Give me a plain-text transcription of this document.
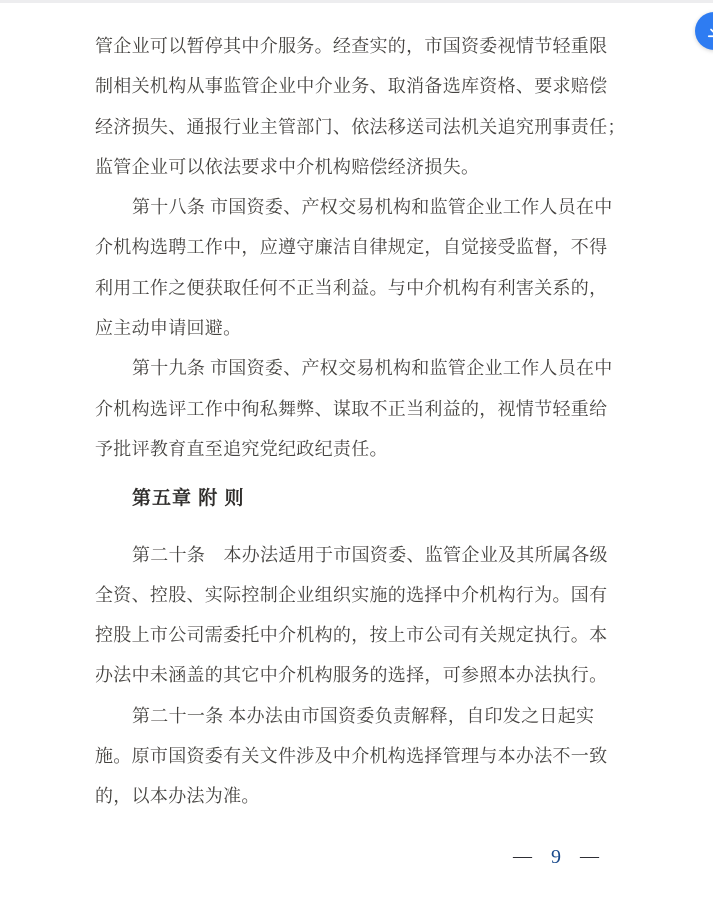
管企业可以暂停其中介服务。经查实的，市国资委视情节轻重限
制相关机构从事监管企业中介业务、取消备选库资格、要求赔偿
经济损失、通报行业主管部门、依法移送司法机关追究刑事责任；
监管企业可以依法要求中介机构赔偿经济损失。
第十八条 市国资委、产权交易机构和监管企业工作人员在中
介机构选聘工作中，应遵守廉洁自律规定，自觉接受监督，不得
利用工作之便获取任何不正当利益。与中介机构有利害关系的，
应主动申请回避。
第十九条 市国资委、产权交易机构和监管企业工作人员在中
介机构选评工作中徇私舞弊、谋取不正当利益的，视情节轻重给
予批评教育直至追究党纪政纪责任。
第五章 附 则
第二十条　本办法适用于市国资委、监管企业及其所属各级
全资、控股、实际控制企业组织实施的选择中介机构行为。国有
控股上市公司需委托中介机构的，按上市公司有关规定执行。本
办法中未涵盖的其它中介机构服务的选择，可参照本办法执行。
第二十一条 本办法由市国资委负责解释，自印发之日起实
施。原市国资委有关文件涉及中介机构选择管理与本办法不一致
的，以本办法为准。
— 9 —
